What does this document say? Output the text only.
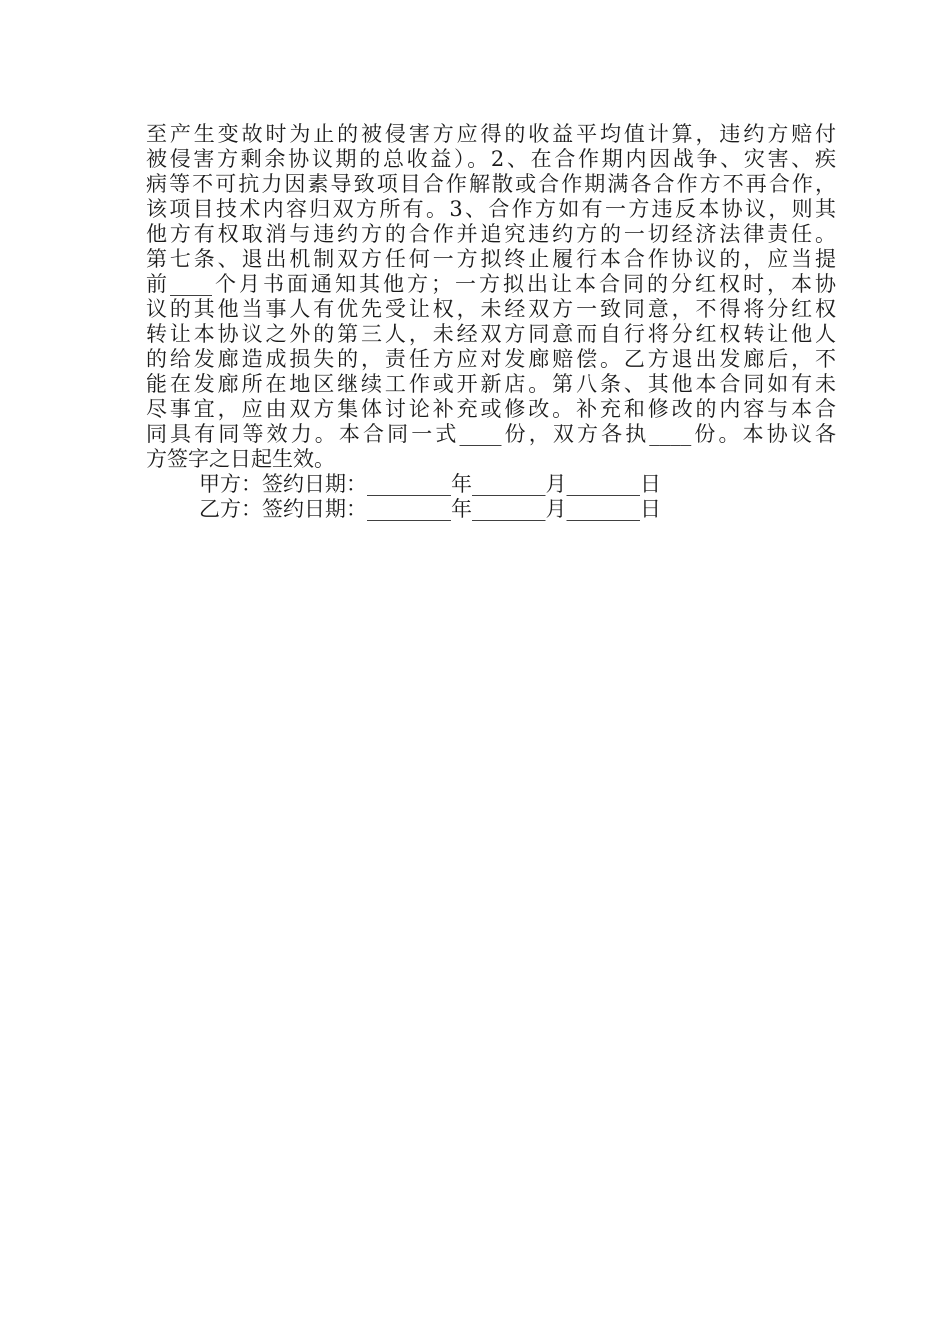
至产生变故时为止的被侵害方应得的收益平均值计算，违约方赔付
被侵害方剩余协议期的总收益）。2、在合作期内因战争、灾害、疾
病等不可抗力因素导致项目合作解散或合作期满各合作方不再合作，
该项目技术内容归双方所有。3、合作方如有一方违反本协议，则其
他方有权取消与违约方的合作并追究违约方的一切经济法律责任。
第七条、退出机制双方任何一方拟终止履行本合作协议的，应当提
前____个月书面通知其他方；一方拟出让本合同的分红权时，本协
议的其他当事人有优先受让权，未经双方一致同意，不得将分红权
转让本协议之外的第三人，未经双方同意而自行将分红权转让他人
的给发廊造成损失的，责任方应对发廊赔偿。乙方退出发廊后，不
能在发廊所在地区继续工作或开新店。第八条、其他本合同如有未
尽事宜，应由双方集体讨论补充或修改。补充和修改的内容与本合
同具有同等效力。本合同一式____份，双方各执____份。本协议各
方签字之日起生效。
甲方：签约日期：________年_______月_______日
乙方：签约日期：________年_______月_______日
